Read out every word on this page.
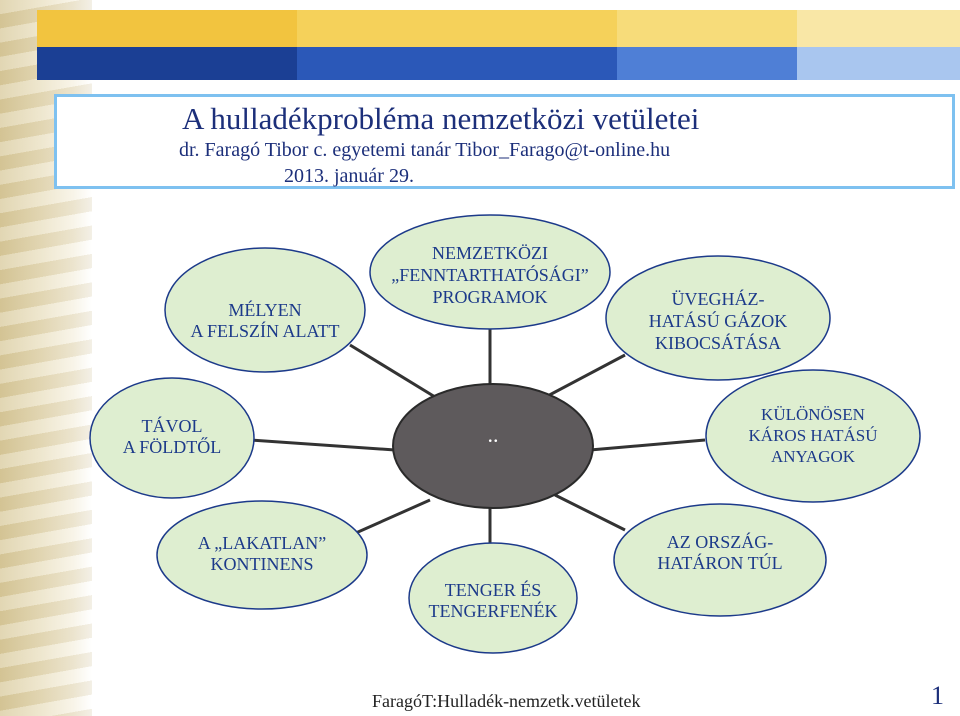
A hulladékprobléma nemzetközi vetületei
dr. Faragó Tibor c. egyetemi tanár Tibor_Farago@t-online.hu
2013. január 29.
..
MÉLYEN
A FELSZÍN ALATT
NEMZETKÖZI
„FENNTARTHATÓSÁGI”
PROGRAMOK	ÜVEGHÁZ-
HATÁSÚ GÁZOK
KIBOCSÁTÁSA
TÁVOL
A FÖLDTŐL
KÜLÖNÖSEN
KÁROS HATÁSÚ
ANYAGOK
A „LAKATLAN”
KONTINENS
TENGER ÉS
TENGERFENÉK
AZ ORSZÁG-
HATÁRON TÚL
FaragóT:Hulladék-nemzetk.vetületek	1
